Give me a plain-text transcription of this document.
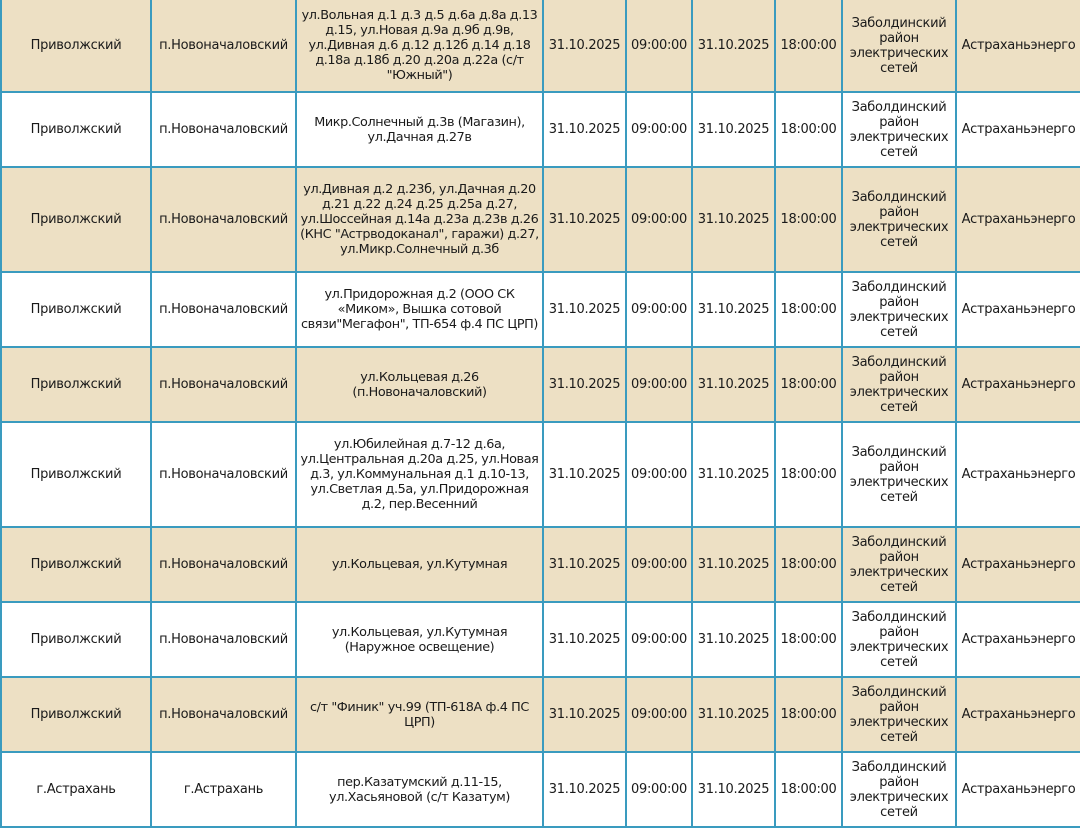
Приволжский	п.Новоначаловский	ул.Вольная д.1 д.3 д.5 д.6а д.8а д.13 д.15, ул.Новая д.9а д.9б д.9в, ул.Дивная д.6 д.12 д.12б д.14 д.18 д.18а д.18б д.20 д.20а д.22а (с/т "Южный")	31.10.2025	09:00:00	31.10.2025	18:00:00	Заболдинский район электрических сетей	Астраханьэнерго
Приволжский	п.Новоначаловский	Микр.Солнечный д.3в (Магазин), ул.Дачная д.27в	31.10.2025	09:00:00	31.10.2025	18:00:00	Заболдинский район электрических сетей	Астраханьэнерго
Приволжский	п.Новоначаловский	ул.Дивная д.2 д.23б, ул.Дачная д.20 д.21 д.22 д.24 д.25 д.25а д.27, ул.Шоссейная д.14а д.23а д.23в д.26 (КНС "Астрводоканал", гаражи) д.27, ул.Микр.Солнечный д.3б	31.10.2025	09:00:00	31.10.2025	18:00:00	Заболдинский район электрических сетей	Астраханьэнерго
Приволжский	п.Новоначаловский	ул.Придорожная д.2 (ООО СК «Миком», Вышка сотовой связи"Мегафон", ТП-654 ф.4 ПС ЦРП)	31.10.2025	09:00:00	31.10.2025	18:00:00	Заболдинский район электрических сетей	Астраханьэнерго
Приволжский	п.Новоначаловский	ул.Кольцевая д.26 (п.Новоначаловский)	31.10.2025	09:00:00	31.10.2025	18:00:00	Заболдинский район электрических сетей	Астраханьэнерго
Приволжский	п.Новоначаловский	ул.Юбилейная д.7-12 д.6а, ул.Центральная д.20а д.25, ул.Новая д.3, ул.Коммунальная д.1 д.10-13, ул.Светлая д.5а, ул.Придорожная д.2, пер.Весенний	31.10.2025	09:00:00	31.10.2025	18:00:00	Заболдинский район электрических сетей	Астраханьэнерго
Приволжский	п.Новоначаловский	ул.Кольцевая, ул.Кутумная	31.10.2025	09:00:00	31.10.2025	18:00:00	Заболдинский район электрических сетей	Астраханьэнерго
Приволжский	п.Новоначаловский	ул.Кольцевая, ул.Кутумная (Наружное освещение)	31.10.2025	09:00:00	31.10.2025	18:00:00	Заболдинский район электрических сетей	Астраханьэнерго
Приволжский	п.Новоначаловский	с/т "Финик" уч.99 (ТП-618А ф.4 ПС ЦРП)	31.10.2025	09:00:00	31.10.2025	18:00:00	Заболдинский район электрических сетей	Астраханьэнерго
г.Астрахань	г.Астрахань	пер.Казатумский д.11-15, ул.Хасьяновой (с/т Казатум)	31.10.2025	09:00:00	31.10.2025	18:00:00	Заболдинский район электрических сетей	Астраханьэнерго
